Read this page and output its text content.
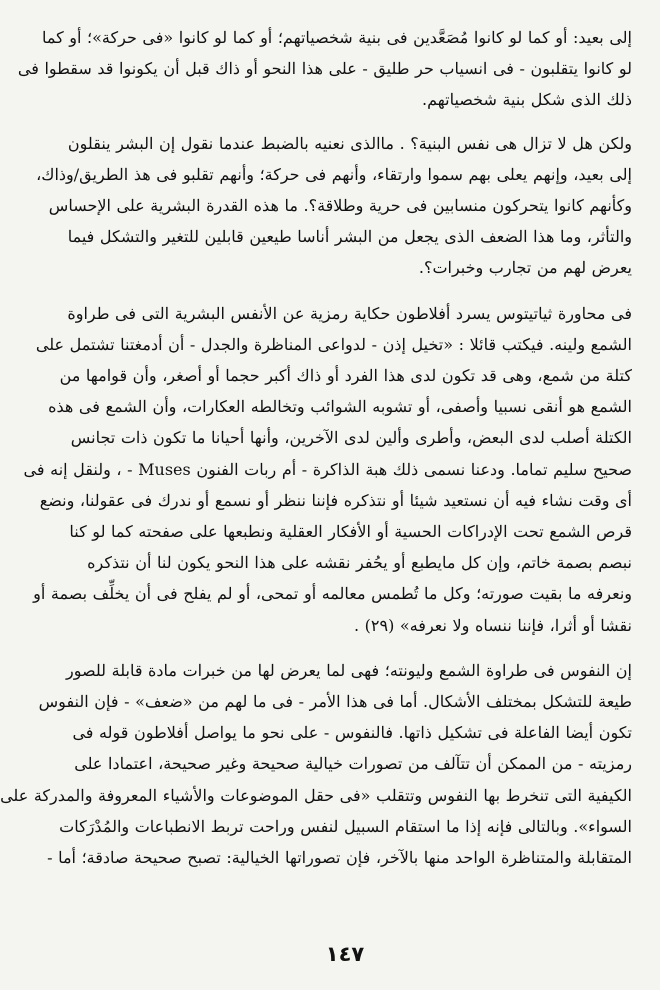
إلى بعيد: أو كما لو كانوا مُصَعَّدين فى بنية شخصياتهم؛ أو كما لو كانوا «فى حركة»؛ أو كما
لو كانوا يتقلبون - فى انسياب حر طليق - على هذا النحو أو ذاك قبل أن يكونوا قد سقطوا فى
ذلك الذى شكل بنية شخصياتهم.
ولكن هل لا تزال هى نفس البنية؟ . ماالذى نعنيه بالضبط عندما نقول إن البشر ينقلون
إلى بعيد، وإنهم يعلى بهم سموا وارتقاء، وأنهم فى حركة؛ وأنهم تقلبو فى هذ الطريق/وذاك،
وكأنهم كانوا يتحركون منسابين فى حرية وطلاقة؟. ما هذه القدرة البشرية على الإحساس
والتأثر، وما هذا الضعف الذى يجعل من البشر أناسا طيعين قابلين للتغير والتشكل فيما
يعرض لهم من تجارب وخبرات؟.
فى محاورة ثياتيتوس يسرد أفلاطون حكاية رمزية عن الأنفس البشرية التى فى طراوة
الشمع ولينه. فيكتب قائلا : «تخيل إذن - لدواعى المناظرة والجدل - أن أدمغتنا تشتمل على
كتلة من شمع، وهى قد تكون لدى هذا الفرد أو ذاك أكبر حجما أو أصغر، وأن قوامها من
الشمع هو أنقى نسبيا وأصفى، أو تشوبه الشوائب وتخالطه العكارات، وأن الشمع فى هذه
الكتلة أصلب لدى البعض، وأطرى وألين لدى الآخرين، وأنها أحيانا ما تكون ذات تجانس
صحيح سليم تماما. ودعنا نسمى ذلك هبة الذاكرة - أم ربات الفنون Muses - ، ولنقل إنه فى
أى وقت نشاء فيه أن نستعيد شيئا أو نتذكره فإننا ننظر أو نسمع أو ندرك فى عقولنا، ونضع
قرص الشمع تحت الإدراكات الحسية أو الأفكار العقلية ونطبعها على صفحته كما لو كنا
نبصم بصمة خاتم، وإن كل مايطبع أو يحُفر نقشه على هذا النحو يكون لنا أن نتذكره
ونعرفه ما بقيت صورته؛ وكل ما تُطمس معالمه أو تمحى، أو لم يفلح فى أن يخلِّف بصمة أو
نقشا أو أثرا، فإننا ننساه ولا نعرفه» (٢٩) .
إن النفوس فى طراوة الشمع وليونته؛ فهى لما يعرض لها من خبرات مادة قابلة للصور
طيعة للتشكل بمختلف الأشكال. أما فى هذا الأمر - فى ما لهم من «ضعف» - فإن النفوس
تكون أيضا الفاعلة فى تشكيل ذاتها. فالنفوس - على نحو ما يواصل أفلاطون قوله فى
رمزيته - من الممكن أن تتآلف من تصورات خيالية صحيحة وغير صحيحة، اعتمادا على
الكيفية التى تنخرط بها النفوس وتتقلب «فى حقل الموضوعات والأشياء المعروفة والمدركة على
السواء». وبالتالى فإنه إذا ما استقام السبيل لنفس وراحت تربط الانطباعات والمُدْرَكات
المتقابلة والمتناظرة الواحد منها بالآخر، فإن تصوراتها الخيالية: تصبح صحيحة صادقة؛ أما -
١٤٧
